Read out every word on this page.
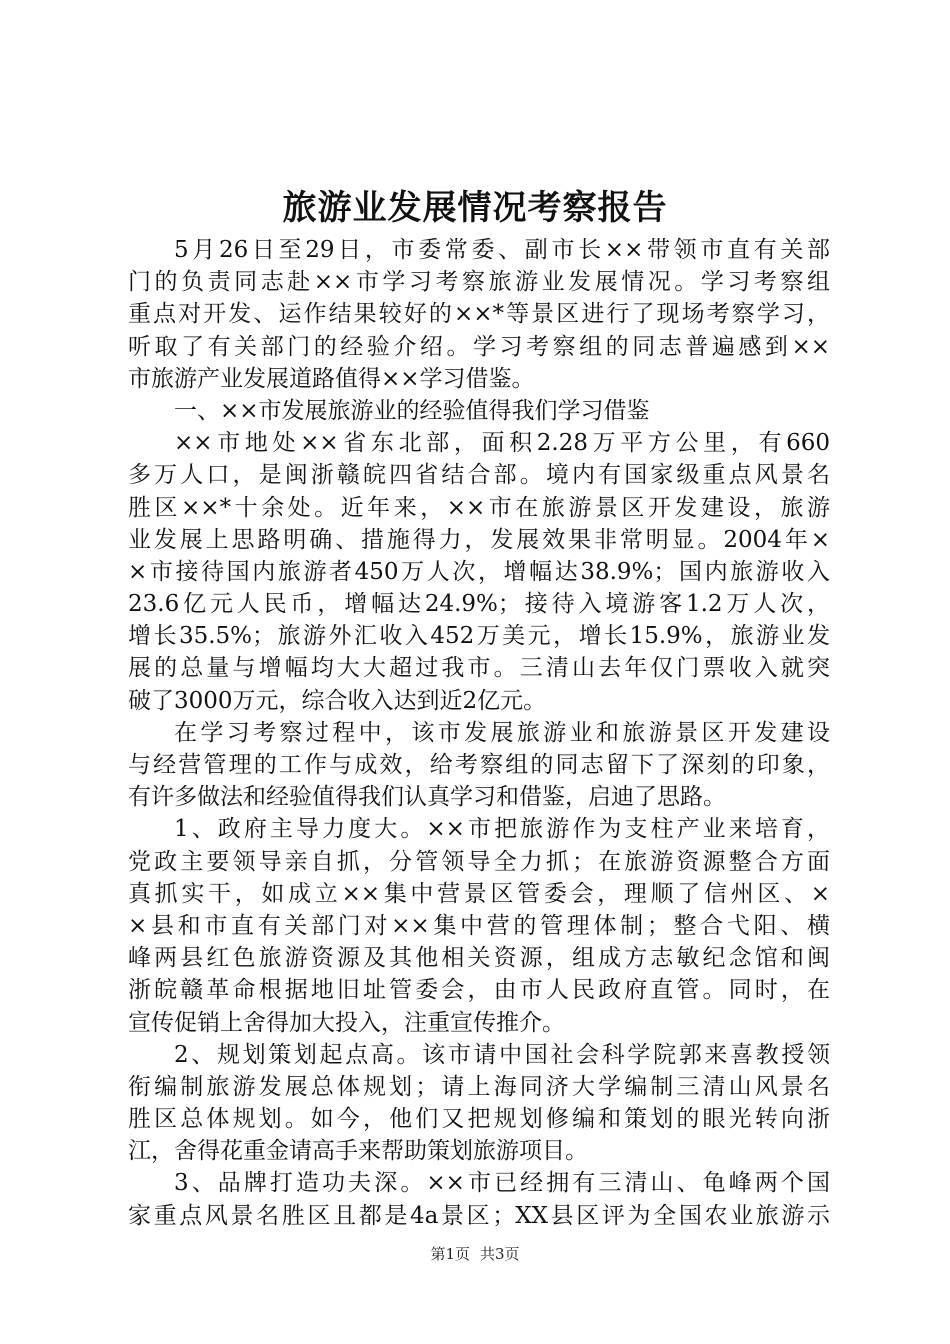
旅游业发展情况考察报告
5月26日至29日，市委常委、副市长××带领市直有关部
门的负责同志赴××市学习考察旅游业发展情况。学习考察组
重点对开发、运作结果较好的××*等景区进行了现场考察学习，
听取了有关部门的经验介绍。学习考察组的同志普遍感到××
市旅游产业发展道路值得××学习借鉴。
一、××市发展旅游业的经验值得我们学习借鉴
××市地处××省东北部，面积2.28万平方公里，有660
多万人口，是闽浙赣皖四省结合部。境内有国家级重点风景名
胜区××*十余处。近年来，××市在旅游景区开发建设，旅游
业发展上思路明确、措施得力，发展效果非常明显。2004年×
×市接待国内旅游者450万人次，增幅达38.9%；国内旅游收入
23.6亿元人民币，增幅达24.9%；接待入境游客1.2万人次，
增长35.5%；旅游外汇收入452万美元，增长15.9%，旅游业发
展的总量与增幅均大大超过我市。三清山去年仅门票收入就突
破了3000万元，综合收入达到近2亿元。
在学习考察过程中，该市发展旅游业和旅游景区开发建设
与经营管理的工作与成效，给考察组的同志留下了深刻的印象，
有许多做法和经验值得我们认真学习和借鉴，启迪了思路。
1、政府主导力度大。××市把旅游作为支柱产业来培育，
党政主要领导亲自抓，分管领导全力抓；在旅游资源整合方面
真抓实干，如成立××集中营景区管委会，理顺了信州区、×
×县和市直有关部门对××集中营的管理体制；整合弋阳、横
峰两县红色旅游资源及其他相关资源，组成方志敏纪念馆和闽
浙皖赣革命根据地旧址管委会，由市人民政府直管。同时，在
宣传促销上舍得加大投入，注重宣传推介。
2、规划策划起点高。该市请中国社会科学院郭来喜教授领
衔编制旅游发展总体规划；请上海同济大学编制三清山风景名
胜区总体规划。如今，他们又把规划修编和策划的眼光转向浙
江，舍得花重金请高手来帮助策划旅游项目。
3、品牌打造功夫深。××市已经拥有三清山、龟峰两个国
家重点风景名胜区且都是4a景区；XX县区评为全国农业旅游示
第1页 共3页
